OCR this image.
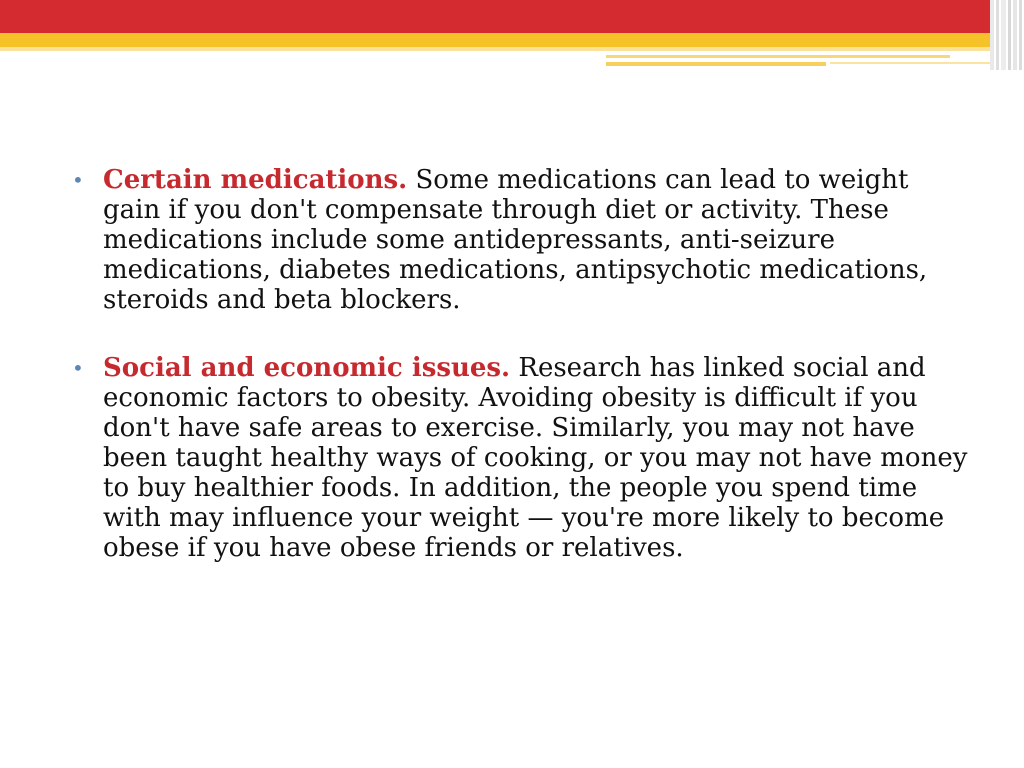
• Certain medications. Some medications can lead to weight gain if you don't compensate through diet or activity. These medications include some antidepressants, anti-seizure medications, diabetes medications, antipsychotic medications, steroids and beta blockers.
• Social and economic issues. Research has linked social and economic factors to obesity. Avoiding obesity is difficult if you don't have safe areas to exercise. Similarly, you may not have been taught healthy ways of cooking, or you may not have money to buy healthier foods. In addition, the people you spend time with may influence your weight — you're more likely to become obese if you have obese friends or relatives.
